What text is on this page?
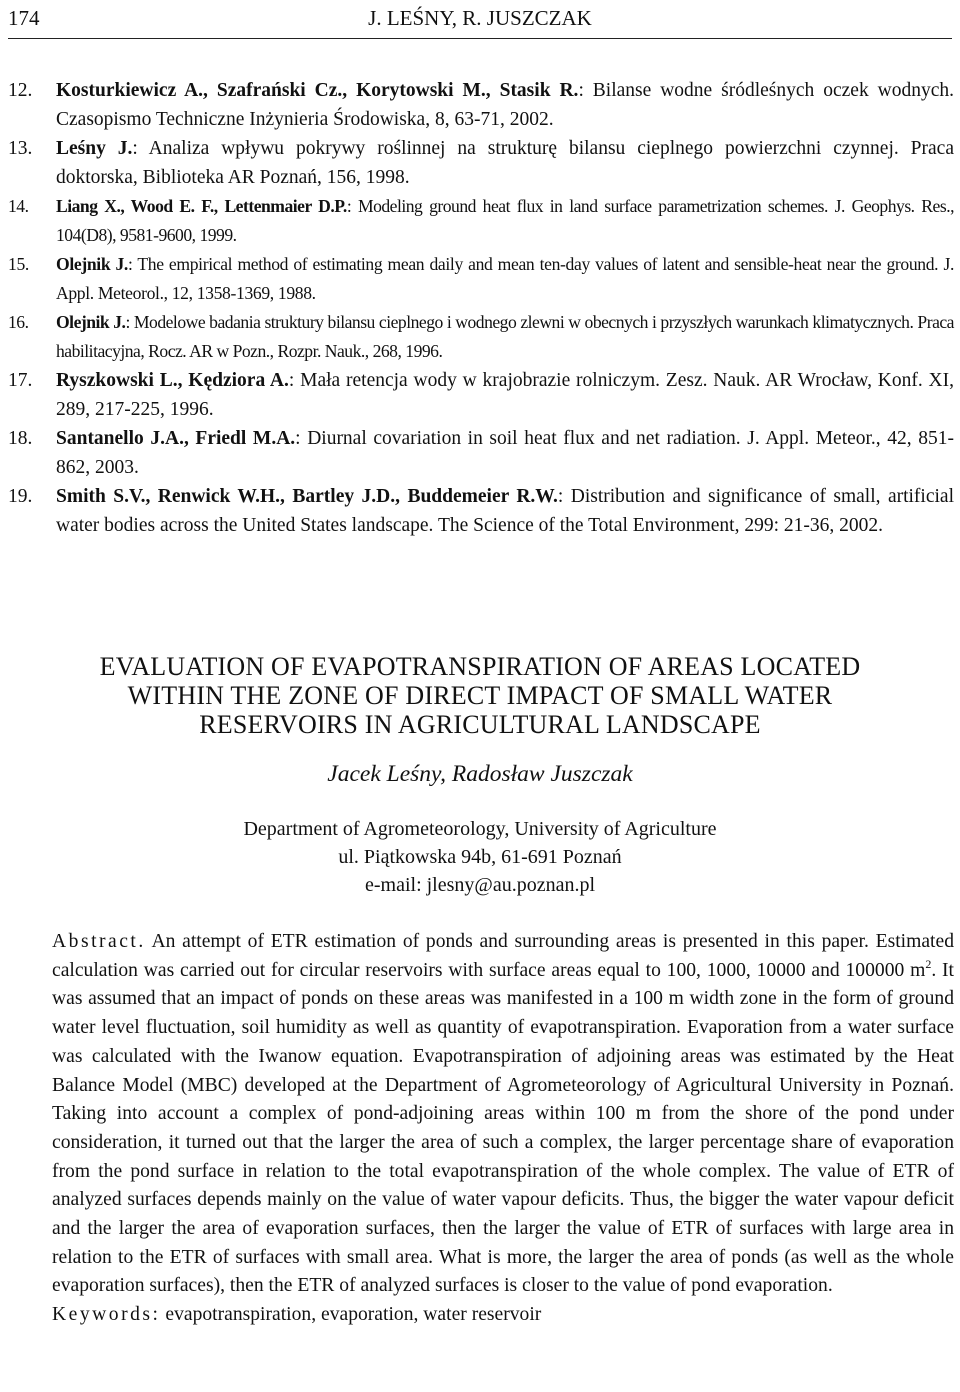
174	J. LEŚNY, R. JUSZCZAK
12. Kosturkiewicz A., Szafrański Cz., Korytowski M., Stasik R.: Bilanse wodne śródleśnych oczek wodnych. Czasopismo Techniczne Inżynieria Środowiska, 8, 63-71, 2002.
13. Leśny J.: Analiza wpływu pokrywy roślinnej na strukturę bilansu cieplnego powierzchni czynnej. Praca doktorska, Biblioteka AR Poznań, 156, 1998.
14. Liang X., Wood E. F., Lettenmaier D.P.: Modeling ground heat flux in land surface parametrization schemes. J. Geophys. Res., 104(D8), 9581-9600, 1999.
15. Olejnik J.: The empirical method of estimating mean daily and mean ten-day values of latent and sensible-heat near the ground. J. Appl. Meteorol., 12, 1358-1369, 1988.
16. Olejnik J.: Modelowe badania struktury bilansu cieplnego i wodnego zlewni w obecnych i przyszłych warunkach klimatycznych. Praca habilitacyjna, Rocz. AR w Pozn., Rozpr. Nauk., 268, 1996.
17. Ryszkowski L., Kędziora A.: Mała retencja wody w krajobrazie rolniczym. Zesz. Nauk. AR Wrocław, Konf. XI, 289, 217-225, 1996.
18. Santanello J.A., Friedl M.A.: Diurnal covariation in soil heat flux and net radiation. J. Appl. Meteor., 42, 851-862, 2003.
19. Smith S.V., Renwick W.H., Bartley J.D., Buddemeier R.W.: Distribution and significance of small, artificial water bodies across the United States landscape. The Science of the Total Environment, 299: 21-36, 2002.
EVALUATION OF EVAPOTRANSPIRATION OF AREAS LOCATED
WITHIN THE ZONE OF DIRECT IMPACT OF SMALL WATER
RESERVOIRS IN AGRICULTURAL LANDSCAPE
Jacek Leśny, Radosław Juszczak
Department of Agrometeorology, University of Agriculture
ul. Piątkowska 94b, 61-691 Poznań
e-mail: jlesny@au.poznan.pl
Abstract. An attempt of ETR estimation of ponds and surrounding areas is presented in this paper. Estimated calculation was carried out for circular reservoirs with surface areas equal to 100, 1000, 10000 and 100000 $m^2$. It was assumed that an impact of ponds on these areas was manifested in a 100 m width zone in the form of ground water level fluctuation, soil humidity as well as quantity of evapotranspiration. Evaporation from a water surface was calculated with the Iwanow equation. Evapotranspiration of adjoining areas was estimated by the Heat Balance Model (MBC) developed at the Department of Agrometeorology of Agricultural University in Poznań. Taking into account a complex of pond-adjoining areas within 100 m from the shore of the pond under consideration, it turned out that the larger the area of such a complex, the larger percentage share of evaporation from the pond surface in relation to the total evapotranspiration of the whole complex. The value of ETR of analyzed surfaces depends mainly on the value of water vapour deficits. Thus, the bigger the water vapour deficit and the larger the area of evaporation surfaces, then the larger the value of ETR of surfaces with large area in relation to the ETR of surfaces with small area. What is more, the larger the area of ponds (as well as the whole evaporation surfaces), then the ETR of analyzed surfaces is closer to the value of pond evaporation.
Keywords: evapotranspiration, evaporation, water reservoir
